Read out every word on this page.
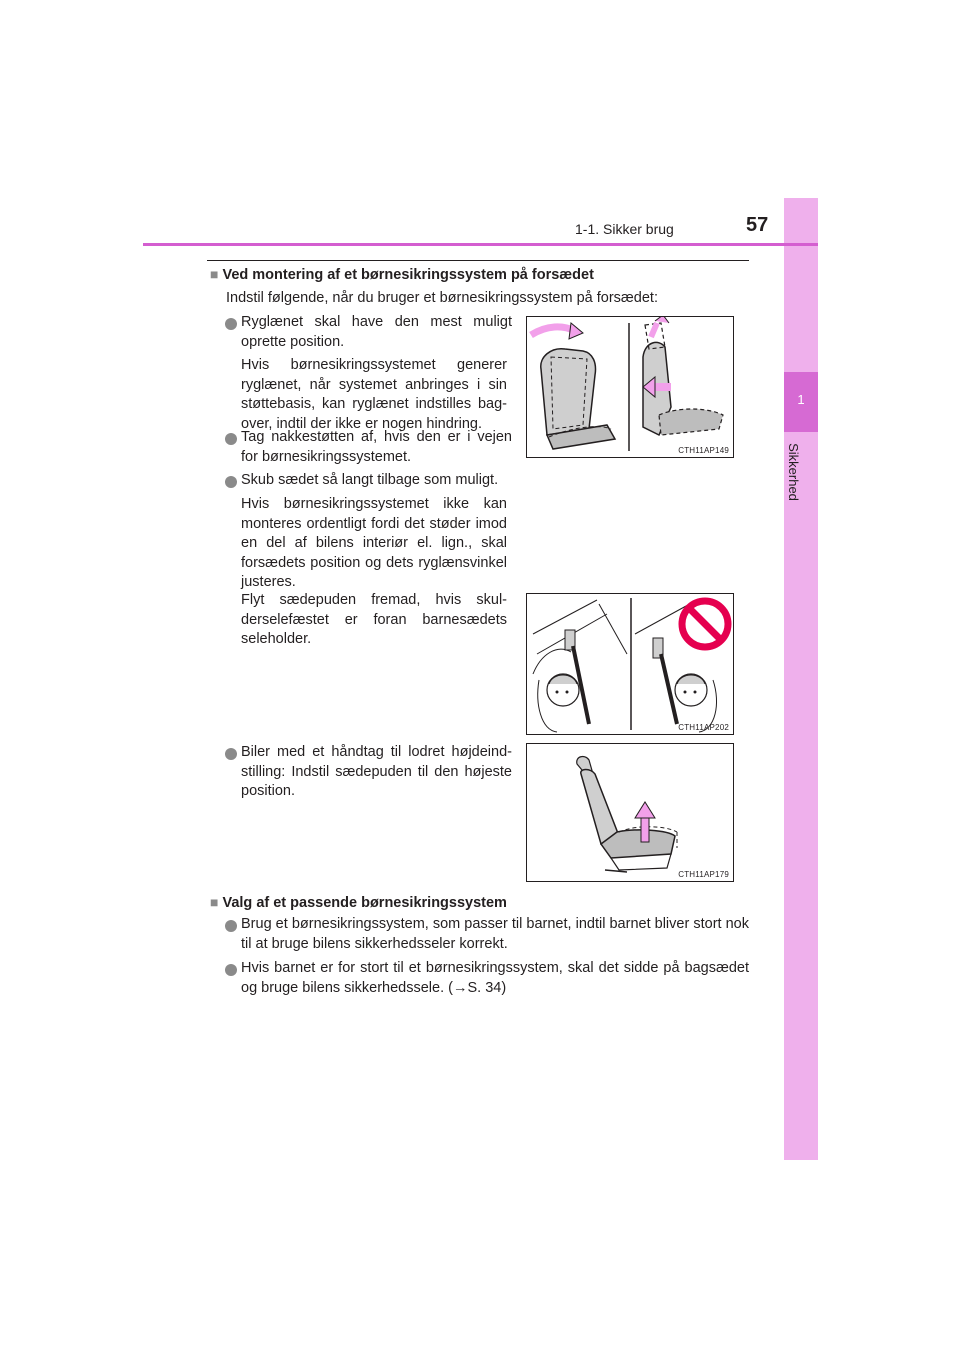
1
Sikkerhed
1-1. Sikker brug	57
■ Ved montering af et børnesikringssystem på forsædet
Indstil følgende, når du bruger et børnesikringssystem på forsædet:
Ryglænet skal have den mest muligt oprette position.
Hvis børnesikringssystemet generer ryglænet, når systemet anbringes i sin støttebasis, kan ryglænet indstilles bag-over, indtil der ikke er nogen hindring.
Tag nakkestøtten af, hvis den er i vejen for børnesikringssystemet.
Skub sædet så langt tilbage som muligt.
Hvis børnesikringssystemet ikke kan monteres ordentligt fordi det støder imod en del af bilens interiør el. lign., skal forsædets position og dets ryglænsvinkel justeres.
Flyt sædepuden fremad, hvis skul-derselefæstet er foran barnesædets seleholder.
Biler med et håndtag til lodret højdeind-stilling: Indstil sædepuden til den højeste position.
CTH11AP149
CTH11AP202
CTH11AP179
■ Valg af et passende børnesikringssystem
Brug et børnesikringssystem, som passer til barnet, indtil barnet bliver stort nok til at bruge bilens sikkerhedsseler korrekt.
Hvis barnet er for stort til et børnesikringssystem, skal det sidde på bagsædet og bruge bilens sikkerhedssele. (→S. 34)
